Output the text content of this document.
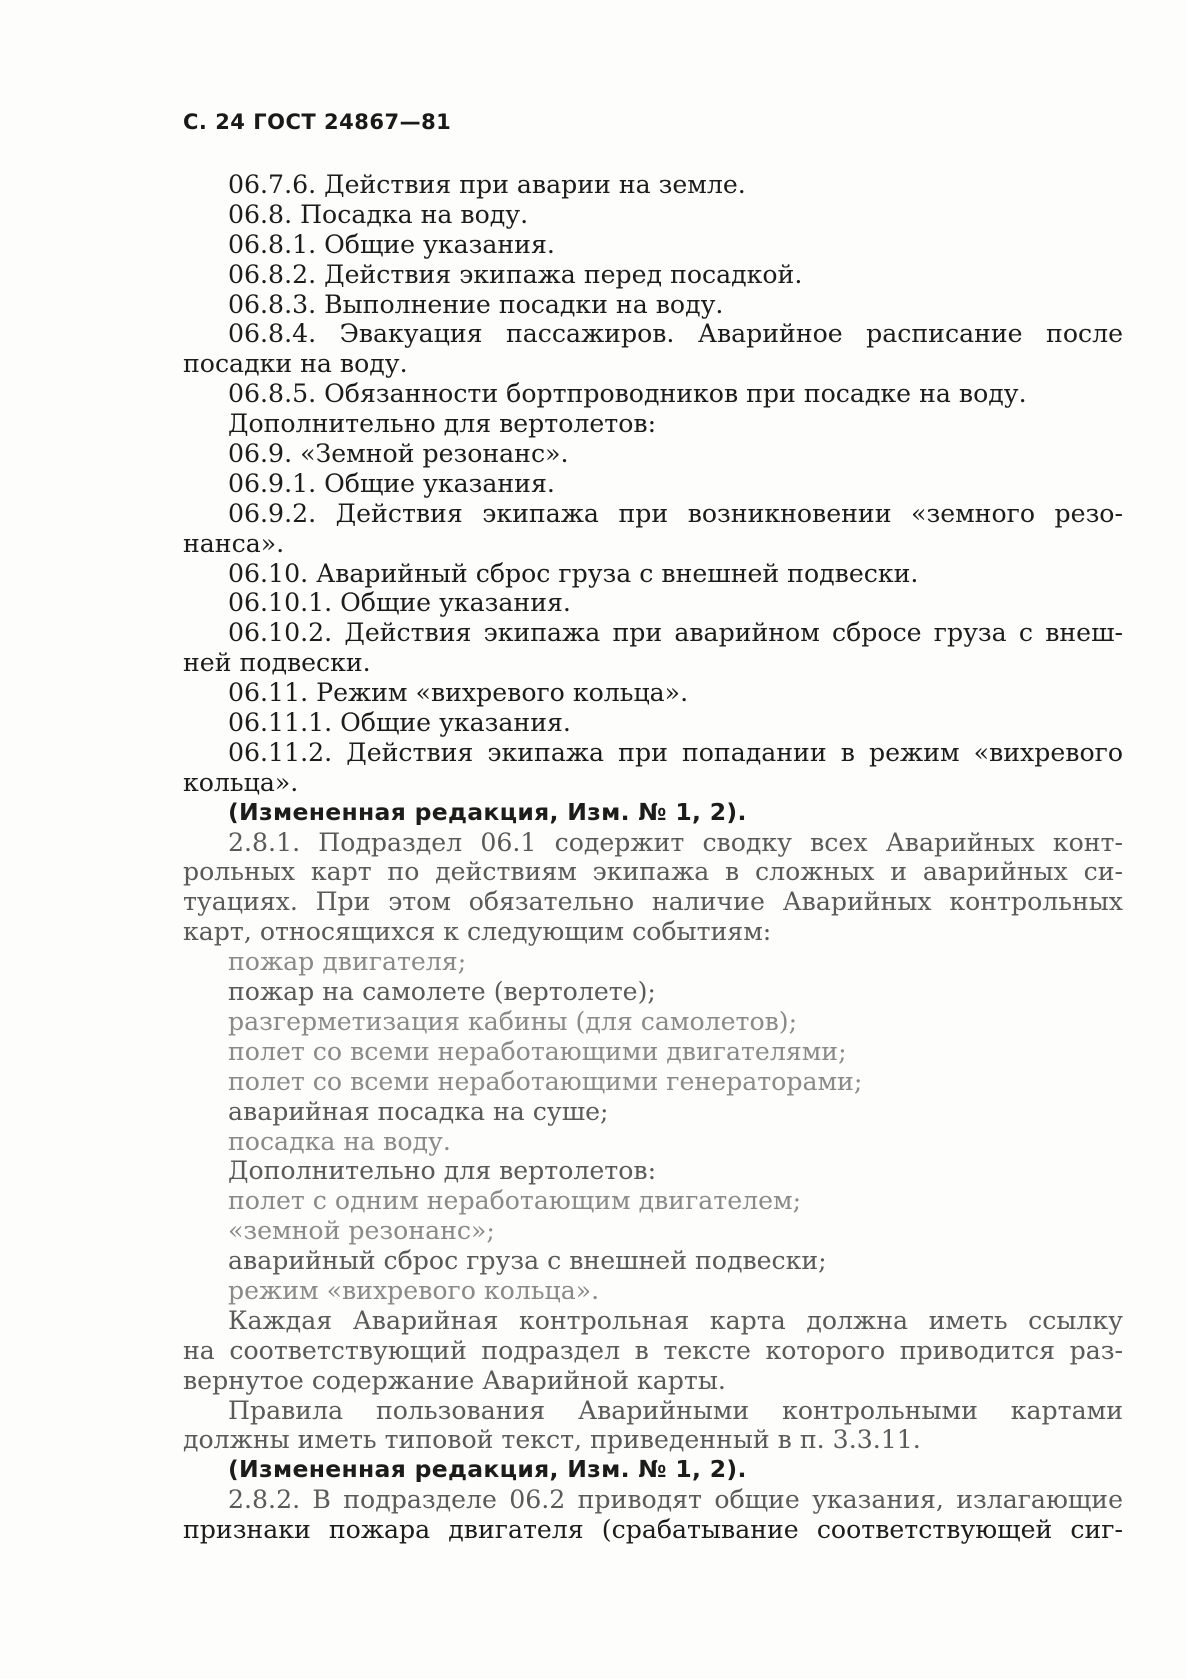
С. 24 ГОСТ 24867—81
06.7.6. Действия при аварии на земле.
06.8. Посадка на воду.
06.8.1. Общие указания.
06.8.2. Действия экипажа перед посадкой.
06.8.3. Выполнение посадки на воду.
06.8.4. Эвакуация пассажиров. Аварийное расписание после
посадки на воду.
06.8.5. Обязанности бортпроводников при посадке на воду.
Дополнительно для вертолетов:
06.9. «Земной резонанс».
06.9.1. Общие указания.
06.9.2. Действия экипажа при возникновении «земного резо-
нанса».
06.10. Аварийный сброс груза с внешней подвески.
06.10.1. Общие указания.
06.10.2. Действия экипажа при аварийном сбросе груза с внеш-
ней подвески.
06.11. Режим «вихревого кольца».
06.11.1. Общие указания.
06.11.2. Действия экипажа при попадании в режим «вихревого
кольца».
(Измененная редакция, Изм. № 1, 2).
2.8.1. Подраздел 06.1 содержит сводку всех Аварийных конт-
рольных карт по действиям экипажа в сложных и аварийных си-
туациях. При этом обязательно наличие Аварийных контрольных
карт, относящихся к следующим событиям:
пожар двигателя;
пожар на самолете (вертолете);
разгерметизация кабины (для самолетов);
полет со всеми неработающими двигателями;
полет со всеми неработающими генераторами;
аварийная посадка на суше;
посадка на воду.
Дополнительно для вертолетов:
полет с одним неработающим двигателем;
«земной резонанс»;
аварийный сброс груза с внешней подвески;
режим «вихревого кольца».
Каждая Аварийная контрольная карта должна иметь ссылку
на соответствующий подраздел в тексте которого приводится раз-
вернутое содержание Аварийной карты.
Правила пользования Аварийными контрольными картами
должны иметь типовой текст, приведенный в п. 3.3.11.
(Измененная редакция, Изм. № 1, 2).
2.8.2. В подразделе 06.2 приводят общие указания, излагающие
признаки пожара двигателя (срабатывание соответствующей сиг-
